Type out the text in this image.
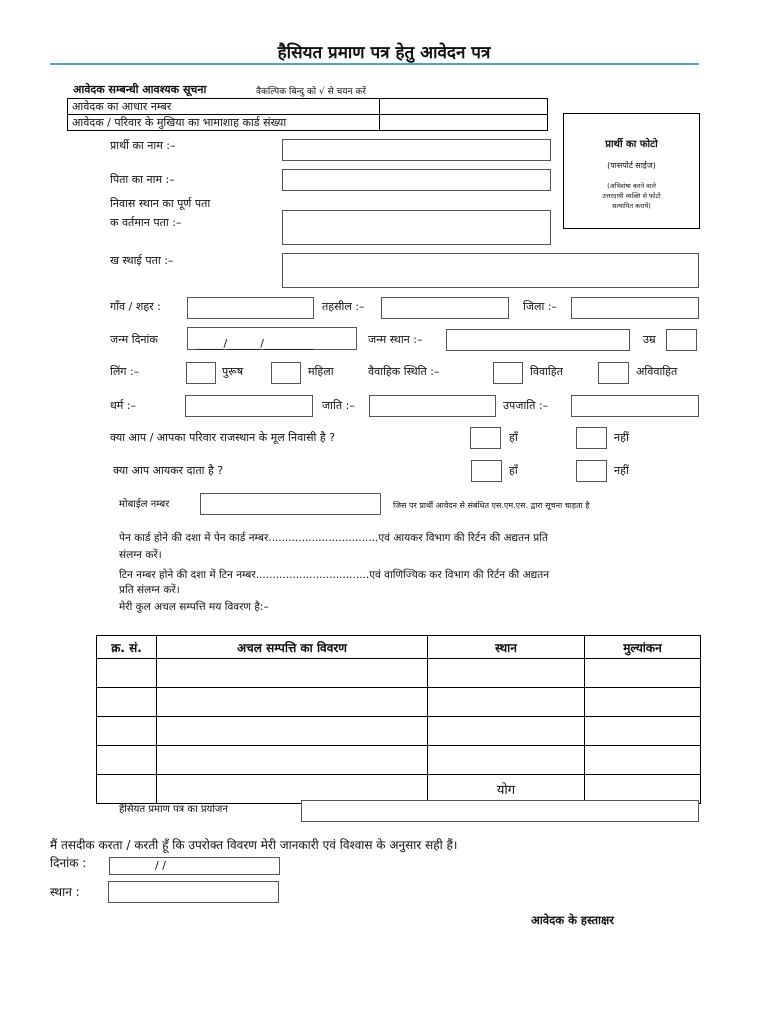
हैसियत प्रमाण पत्र हेतु आवेदन पत्र
आवेदक सम्बन्धी आवश्यक सूचना	वैकल्पिक बिन्दु को √ से चयन करें
आवेदक का आधार नम्बर	
आवेदक / परिवार के मुखिया का भामाशाह कार्ड संख्या	
प्रार्थी का फोटो
(पासपोर्ट साईज)
(अभिशंषा करने वाले
उत्तरदायी व्यक्ति से फोटो
सत्यापित करायें)
प्रार्थी का नाम :–
पिता का नाम :–
निवास स्थान का पूर्ण पता
क वर्तमान पता :–
ख स्थाई पता :–
गाँव / शहर :	तहसील :–	जिला :–
जन्म दिनांक	_____/______/_________	जन्म स्थान :–	उम्र
लिंग :–	पुरूष	महिला	वैवाहिक स्थिति :–	विवाहित	अविवाहित
धर्म :–	जाति :–	उपजाति :–
क्या आप / आपका परिवार राजस्थान के मूल निवासी है ?	हाँ	नहीं
क्या आप आयकर दाता है ?	हाँ	नहीं
मोबाईल नम्बर	जिस पर प्रार्थी आवेदन से संबंधित एस.एम.एस. द्वारा सूचना चाहता है
पेन कार्ड होने की दशा में पेन कार्ड नम्बर.................................एवं आयकर विभाग की रिर्टन की अद्यतन प्रति
संलग्न करें।
टिन नम्बर होने की दशा में टिन नम्बर..................................एवं वाणिज्यिक कर विभाग की रिर्टन की अद्यतन
प्रति संलग्न करें।
मेरी कुल अचल सम्पत्ति मय विवरण है:–
क्र. सं.	अचल सम्पत्ति का विवरण	स्थान	मुल्यांकन

		योग	
हैसियत प्रमाण पत्र का प्रयोजन
मैं तसदीक करता / करती हूँ कि उपरोक्त विवरण मेरी जानकारी एवं विश्वास के अनुसार सही हैं।
दिनांक :	/ /
स्थान :
आवेदक के हस्ताक्षर
